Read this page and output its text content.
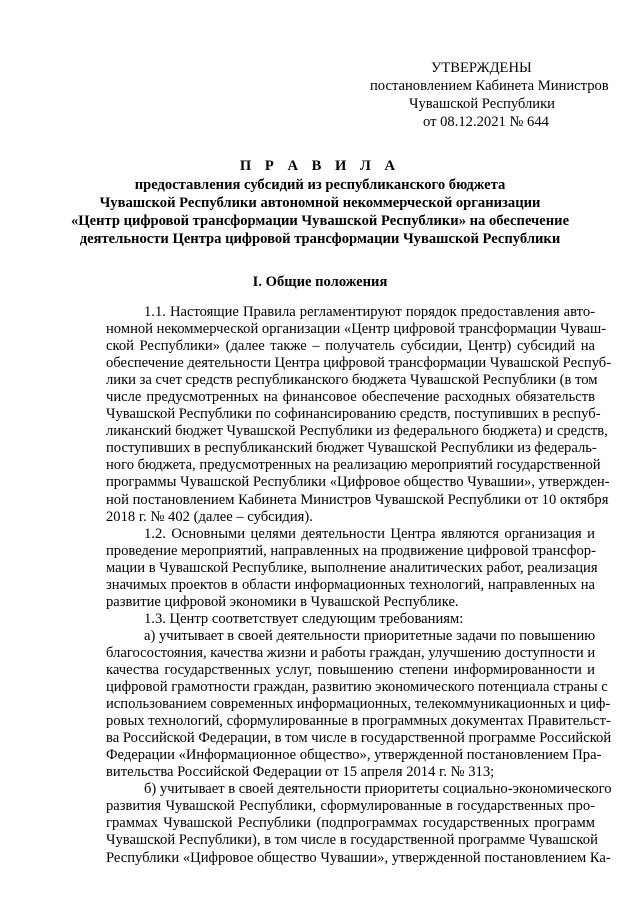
УТВЕРЖДЕНЫ
постановлением Кабинета Министров
Чувашской Республики
от 08.12.2021 № 644
П Р А В И Л А
предоставления субсидий из республиканского бюджета
Чувашской Республики автономной некоммерческой организации
«Центр цифровой трансформации Чувашской Республики» на обеспечение
деятельности Центра цифровой трансформации Чувашской Республики
I. Общие положения
1.1. Настоящие Правила регламентируют порядок предоставления авто-
номной некоммерческой организации «Центр цифровой трансформации Чуваш-
ской Республики» (далее также – получатель субсидии, Центр) субсидий на
обеспечение деятельности Центра цифровой трансформации Чувашской Респуб-
лики за счет средств республиканского бюджета Чувашской Республики (в том
числе предусмотренных на финансовое обеспечение расходных обязательств
Чувашской Республики по софинансированию средств, поступивших в респуб-
ликанский бюджет Чувашской Республики из федерального бюджета) и средств,
поступивших в республиканский бюджет Чувашской Республики из федераль-
ного бюджета, предусмотренных на реализацию мероприятий государственной
программы Чувашской Республики «Цифровое общество Чувашии», утвержден-
ной постановлением Кабинета Министров Чувашской Республики от 10 октября
2018 г. № 402 (далее – субсидия).
1.2. Основными целями деятельности Центра являются организация и
проведение мероприятий, направленных на продвижение цифровой трансфор-
мации в Чувашской Республике, выполнение аналитических работ, реализация
значимых проектов в области информационных технологий, направленных на
развитие цифровой экономики в Чувашской Республике.
1.3. Центр соответствует следующим требованиям:
а) учитывает в своей деятельности приоритетные задачи по повышению
благосостояния, качества жизни и работы граждан, улучшению доступности и
качества государственных услуг, повышению степени информированности и
цифровой грамотности граждан, развитию экономического потенциала страны с
использованием современных информационных, телекоммуникационных и циф-
ровых технологий, сформулированные в программных документах Правительст-
ва Российской Федерации, в том числе в государственной программе Российской
Федерации «Информационное общество», утвержденной постановлением Пра-
вительства Российской Федерации от 15 апреля 2014 г. № 313;
б) учитывает в своей деятельности приоритеты социально-экономического
развития Чувашской Республики, сформулированные в государственных про-
граммах Чувашской Республики (подпрограммах государственных программ
Чувашской Республики), в том числе в государственной программе Чувашской
Республики «Цифровое общество Чувашии», утвержденной постановлением Ка-
